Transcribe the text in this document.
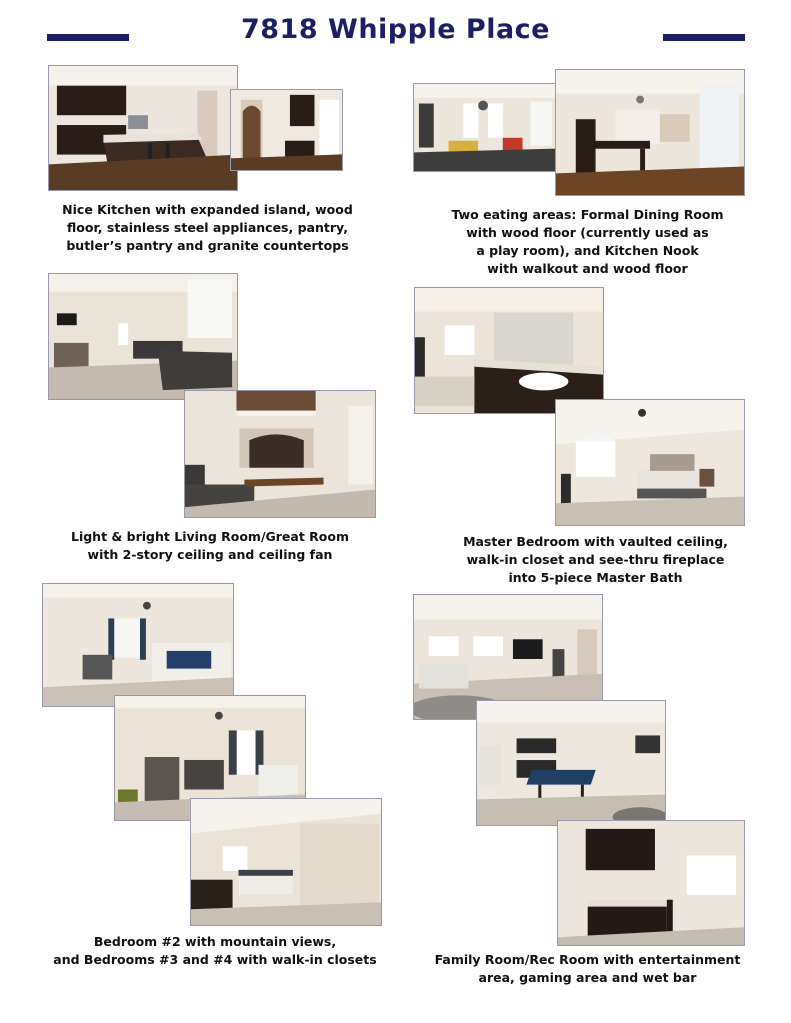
7818 Whipple Place
Nice Kitchen with expanded island, wood
floor, stainless steel appliances, pantry,
butler’s pantry and granite countertops
Two eating areas: Formal Dining Room
with wood floor (currently used as
a play room), and Kitchen Nook
with walkout and wood floor
Light & bright Living Room/Great Room
with 2-story ceiling and ceiling fan
Master Bedroom with vaulted ceiling,
walk-in closet and see-thru fireplace
into 5-piece Master Bath
Bedroom #2 with mountain views,
and Bedrooms #3 and #4 with walk-in closets	Family Room/Rec Room with entertainment
area, gaming area and wet bar
